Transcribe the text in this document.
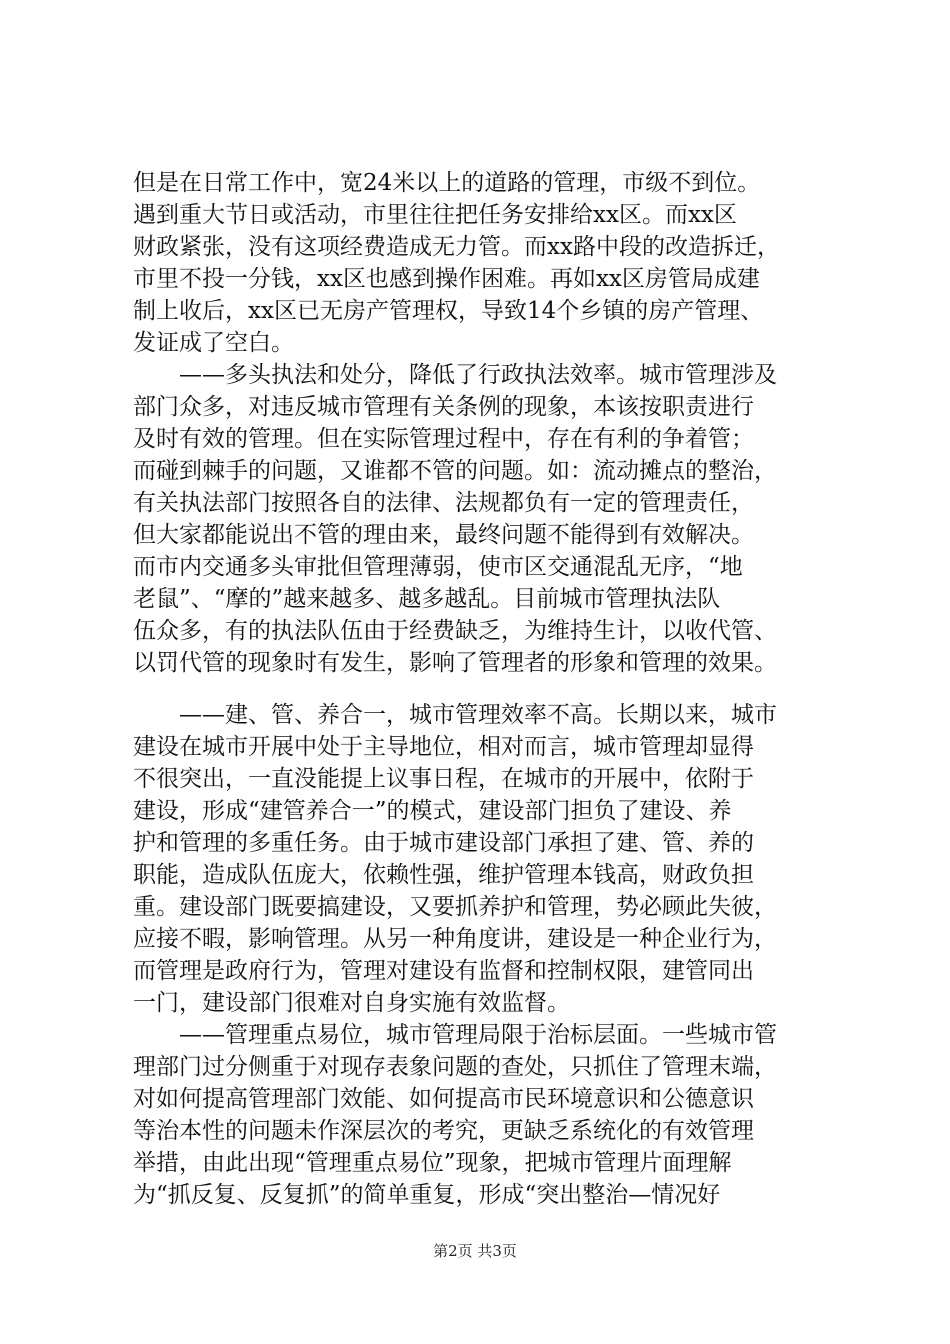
但是在日常工作中，宽24米以上的道路的管理，市级不到位。
遇到重大节日或活动，市里往往把任务安排给xx区。而xx区
财政紧张，没有这项经费造成无力管。而xx路中段的改造拆迁，
市里不投一分钱，xx区也感到操作困难。再如xx区房管局成建
制上收后，xx区已无房产管理权，导致14个乡镇的房产管理、
发证成了空白。
　　——多头执法和处分，降低了行政执法效率。城市管理涉及
部门众多，对违反城市管理有关条例的现象，本该按职责进行
及时有效的管理。但在实际管理过程中，存在有利的争着管；
而碰到棘手的问题，又谁都不管的问题。如：流动摊点的整治，
有关执法部门按照各自的法律、法规都负有一定的管理责任，
但大家都能说出不管的理由来，最终问题不能得到有效解决。
而市内交通多头审批但管理薄弱，使市区交通混乱无序，“地
老鼠”、“摩的”越来越多、越多越乱。目前城市管理执法队
伍众多，有的执法队伍由于经费缺乏，为维持生计，以收代管、
以罚代管的现象时有发生，影响了管理者的形象和管理的效果。
　　——建、管、养合一，城市管理效率不高。长期以来，城市
建设在城市开展中处于主导地位，相对而言，城市管理却显得
不很突出，一直没能提上议事日程，在城市的开展中，依附于
建设，形成“建管养合一”的模式，建设部门担负了建设、养
护和管理的多重任务。由于城市建设部门承担了建、管、养的
职能，造成队伍庞大，依赖性强，维护管理本钱高，财政负担
重。建设部门既要搞建设，又要抓养护和管理，势必顾此失彼，
应接不暇，影响管理。从另一种角度讲，建设是一种企业行为，
而管理是政府行为，管理对建设有监督和控制权限，建管同出
一门，建设部门很难对自身实施有效监督。
　　——管理重点易位，城市管理局限于治标层面。一些城市管
理部门过分侧重于对现存表象问题的查处，只抓住了管理末端，
对如何提高管理部门效能、如何提高市民环境意识和公德意识
等治本性的问题未作深层次的考究，更缺乏系统化的有效管理
举措，由此出现“管理重点易位”现象，把城市管理片面理解
为“抓反复、反复抓”的简单重复，形成“突出整治—情况好
第2页 共3页
